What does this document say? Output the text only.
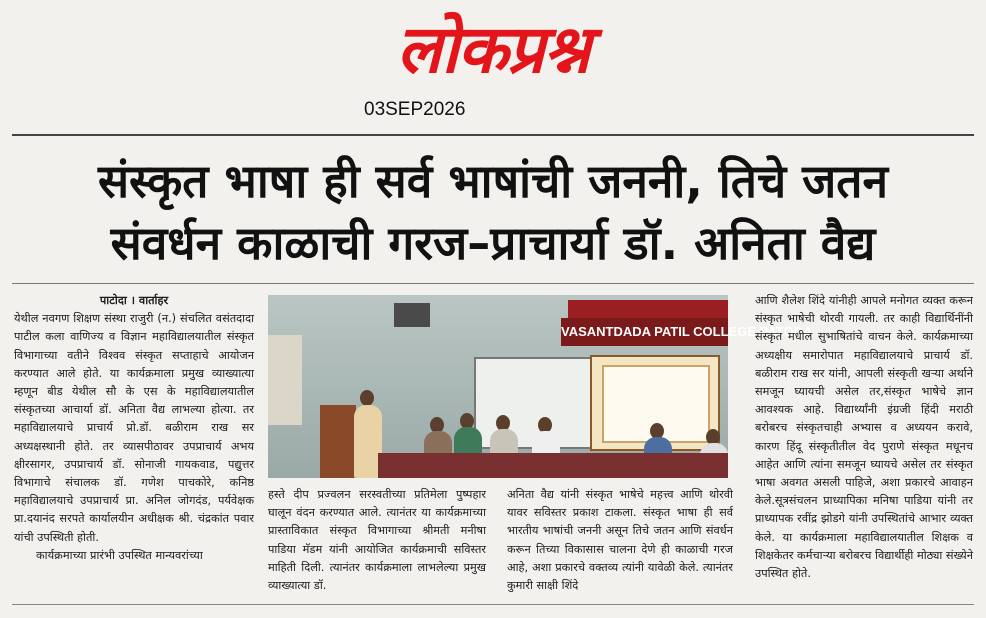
लोकप्रश्न
03SEP2026
संस्कृत भाषा ही सर्व भाषांची जननी, तिचे जतन
संवर्धन काळाची गरज–प्राचार्या डॉ. अनिता वैद्य
पाटोदा । वार्ताहर
येथील नवगण शिक्षण संस्था राजुरी (न.) संचलित वसंतदादा पाटील कला वाणिज्य व विज्ञान महाविद्यालयातील संस्कृत विभागाच्या वतीने विश्वव संस्कृत सप्ताहाचे आयोजन करण्यात आले होते. या कार्यक्रमाला प्रमुख व्याख्यात्या म्हणून बीड येथील सौ के एस के महाविद्यालयातील संस्कृतच्या आचार्या डॉ. अनिता वैद्य लाभल्या होत्या. तर महाविद्यालयाचे प्राचार्य प्रो.डॉ. बळीराम राख सर अध्यक्षस्थानी होते. तर व्यासपीठावर उपप्राचार्य अभय क्षीरसागर, उपप्राचार्य डॉ. सोनाजी गायकवाड, पद्युत्तर विभागाचे संचालक डॉ. गणेश पाचकोरे, कनिष्ठ महाविद्यालयाचे उपप्राचार्य प्रा. अनिल जोगदंड, पर्यवेक्षक प्रा.दयानंद सरपते कार्यालयीन अधीक्षक श्री. चंद्रकांत पवार यांची उपस्थिती होती.
कार्यक्रमाच्या प्रारंभी उपस्थित मान्यवरांच्या
VASANTDADA PATIL COLLEGE PATODA
हस्ते दीप प्रज्वलन सरस्वतीच्या प्रतिमेला पुष्पहार घालून वंदन करण्यात आले. त्यानंतर या कार्यक्रमाच्या प्रास्ताविकात संस्कृत विभागाच्या श्रीमती मनीषा पाडिया मॅडम यांनी आयोजित कार्यक्रमाची सविस्तर माहिती दिली. त्यानंतर कार्यक्रमाला लाभलेल्या प्रमुख व्याख्यात्या डॉ.
अनिता वैद्य यांनी संस्कृत भाषेचे महत्त्व आणि थोरवी यावर सविस्तर प्रकाश टाकला. संस्कृत भाषा ही सर्व भारतीय भाषांची जननी असून तिचे जतन आणि संवर्धन करून तिच्या विकासास चालना देणे ही काळाची गरज आहे, अशा प्रकारचे वक्तव्य त्यांनी यावेळी केले. त्यानंतर कुमारी साक्षी शिंदे
आणि शैलेश शिंदे यांनीही आपले मनोगत व्यक्त करून संस्कृत भाषेची थोरवी गायली. तर काही विद्यार्थिनींनी संस्कृत मधील सुभाषितांचे वाचन केले. कार्यक्रमाच्या अध्यक्षीय समारोपात महाविद्यालयाचे प्राचार्य डॉ. बळीराम राख सर यांनी, आपली संस्कृती खऱ्या अर्थाने समजून घ्यायची असेल तर,संस्कृत भाषेचे ज्ञान आवश्यक आहे. विद्यार्थ्यांनी इंग्रजी हिंदी मराठी बरोबरच संस्कृतचाही अभ्यास व अध्ययन करावे, कारण हिंदू संस्कृतीतील वेद पुराणे संस्कृत मधूनच आहेत आणि त्यांना समजून घ्यायचे असेल तर संस्कृत भाषा अवगत असली पाहिजे, अशा प्रकारचे आवाहन केले.सूत्रसंचलन प्राध्यापिका मनिषा पाडिया यांनी तर प्राध्यापक रवींद्र झोडगे यांनी उपस्थितांचे आभार व्यक्त केले. या कार्यक्रमाला महाविद्यालयातील शिक्षक व शिक्षकेतर कर्मचाऱ्या बरोबरच विद्यार्थीही मोठ्या संख्येने उपस्थित होते.
